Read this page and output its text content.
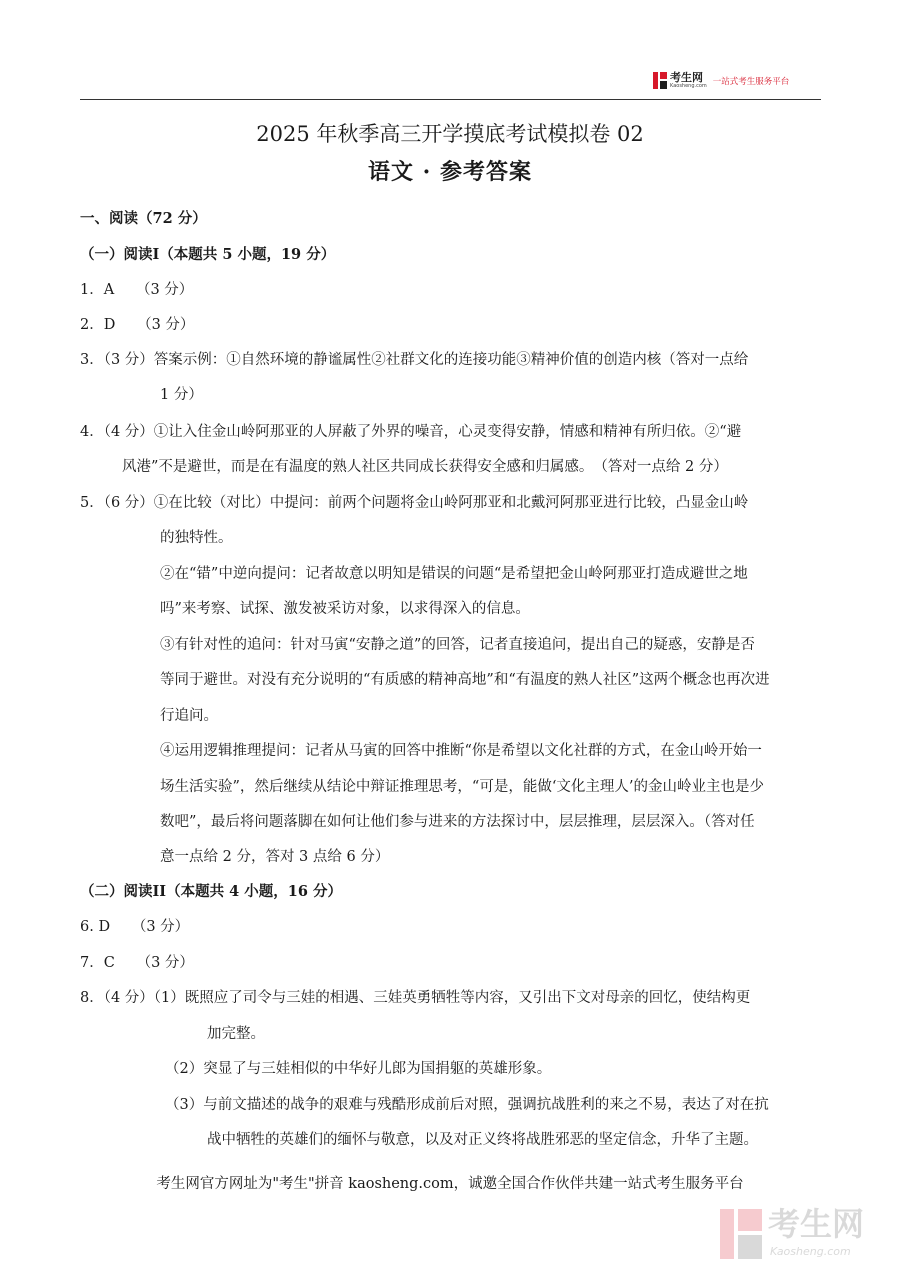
考生网
Kaosheng.com 一站式考生服务平台
2025 年秋季高三开学摸底考试模拟卷 02
语文 · 参考答案
一、阅读（72 分）
（一）阅读I（本题共 5 小题，19 分）
1．A　　（3 分）
2．D　　（3 分）
3．（3 分）答案示例：①自然环境的静谧属性②社群文化的连接功能③精神价值的创造内核（答对一点给
1 分）
4．（4 分）①让入住金山岭阿那亚的人屏蔽了外界的噪音，心灵变得安静，情感和精神有所归依。②“避
风港”不是避世，而是在有温度的熟人社区共同成长获得安全感和归属感。　（答对一点给 2 分）
5．（6 分）①在比较（对比）中提问：前两个问题将金山岭阿那亚和北戴河阿那亚进行比较，凸显金山岭
的独特性。
②在“错”中逆向提问：记者故意以明知是错误的问题“是希望把金山岭阿那亚打造成避世之地
吗”来考察、试探、激发被采访对象，以求得深入的信息。
③有针对性的追问：针对马寅“安静之道”的回答，记者直接追问，提出自己的疑惑，安静是否
等同于避世。对没有充分说明的“有质感的精神高地”和“有温度的熟人社区”这两个概念也再次进
行追问。
④运用逻辑推理提问：记者从马寅的回答中推断“你是希望以文化社群的方式，在金山岭开始一
场生活实验”，然后继续从结论中辩证推理思考，“可是，能做‘文化主理人’的金山岭业主也是少
数吧”，最后将问题落脚在如何让他们参与进来的方法探讨中，层层推理，层层深入。（答对任
意一点给 2 分，答对 3 点给 6 分）
（二）阅读II（本题共 4 小题，16 分）
6. D　　（3 分）
7．C　　（3 分）
8．（4 分）（1）既照应了司令与三娃的相遇、三娃英勇牺牲等内容，又引出下文对母亲的回忆，使结构更
加完整。
（2）突显了与三娃相似的中华好儿郎为国捐躯的英雄形象。
（3）与前文描述的战争的艰难与残酷形成前后对照，强调抗战胜利的来之不易，表达了对在抗
战中牺牲的英雄们的缅怀与敬意，以及对正义终将战胜邪恶的坚定信念，升华了主题。
考生网官方网址为"考生"拼音 kaosheng.com，诚邀全国合作伙伴共建一站式考生服务平台
考生网
Kaosheng.com
